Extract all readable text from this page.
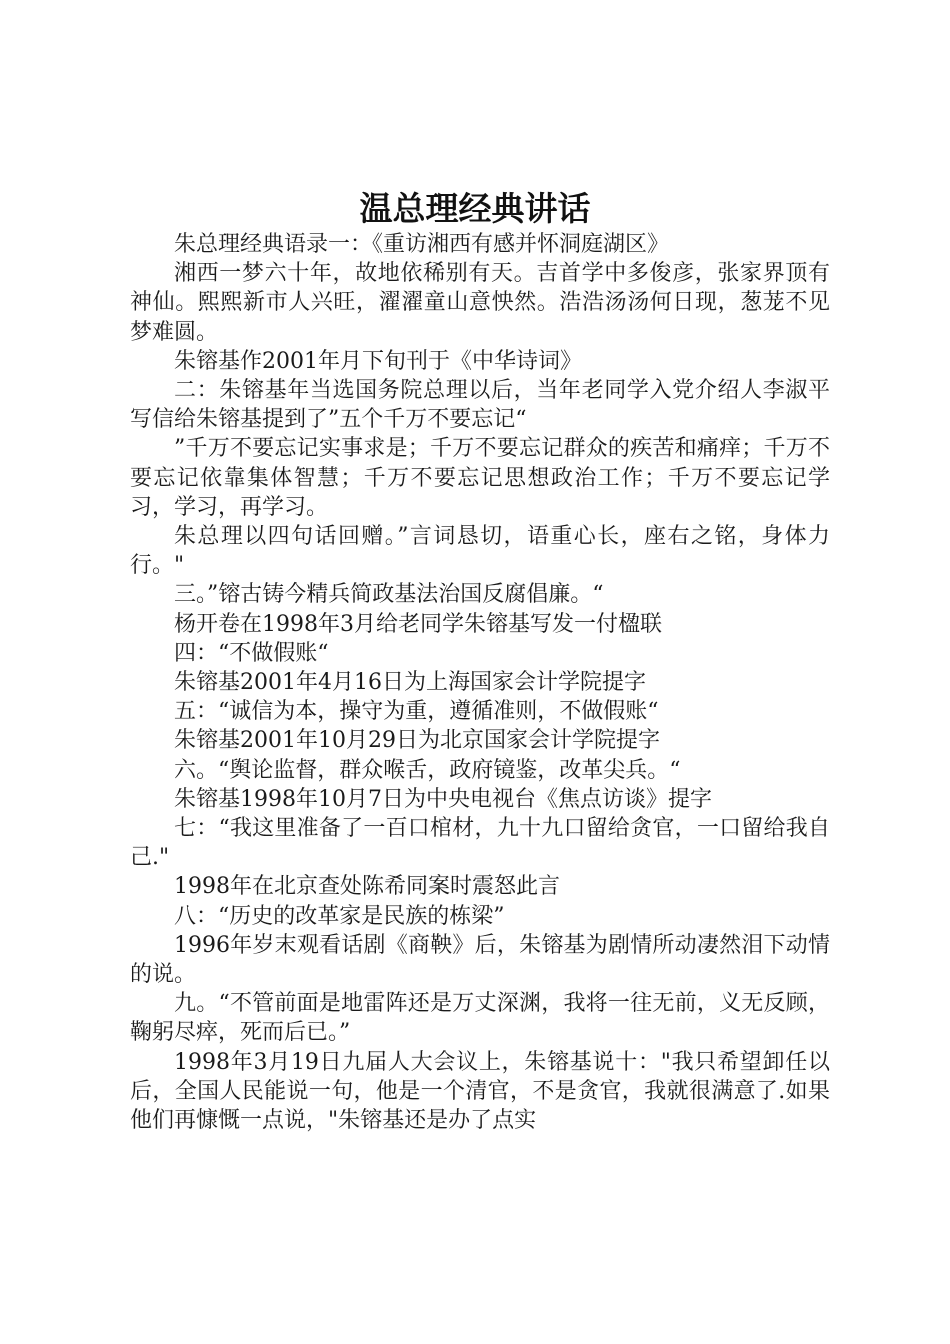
温总理经典讲话

朱总理经典语录一：《重访湘西有感并怀洞庭湖区》

湘西一梦六十年，故地依稀别有天。吉首学中多俊彦，张家界顶有神仙。熙熙新市人兴旺，濯濯童山意怏然。浩浩汤汤何日现，葱茏不见梦难圆。

朱镕基作2001年月下旬刊于《中华诗词》

二：朱镕基年当选国务院总理以后，当年老同学入党介绍人李淑平写信给朱镕基提到了”五个千万不要忘记“

”千万不要忘记实事求是；千万不要忘记群众的疾苦和痛痒；千万不要忘记依靠集体智慧；千万不要忘记思想政治工作；千万不要忘记学习，学习，再学习。

朱总理以四句话回赠。”言词恳切，语重心长，座右之铭，身体力行。"

三。”镕古铸今精兵简政基法治国反腐倡廉。“

杨开卷在1998年3月给老同学朱镕基写发一付楹联

四：“不做假账“

朱镕基2001年4月16日为上海国家会计学院提字

五：“诚信为本，操守为重，遵循准则，不做假账“

朱镕基2001年10月29日为北京国家会计学院提字

六。“舆论监督，群众喉舌，政府镜鉴，改革尖兵。“

朱镕基1998年10月7日为中央电视台《焦点访谈》提字

七：“我这里准备了一百口棺材，九十九口留给贪官，一口留给我自己."

1998年在北京查处陈希同案时震怒此言

八：“历史的改革家是民族的栋梁”

1996年岁末观看话剧《商鞅》后，朱镕基为剧情所动凄然泪下动情的说。

九。“不管前面是地雷阵还是万丈深渊，我将一往无前，义无反顾，鞠躬尽瘁，死而后已。”

1998年3月19日九届人大会议上，朱镕基说十："我只希望卸任以后，全国人民能说一句，他是一个清官，不是贪官，我就很满意了.如果他们再慷慨一点说，"朱镕基还是办了点实
